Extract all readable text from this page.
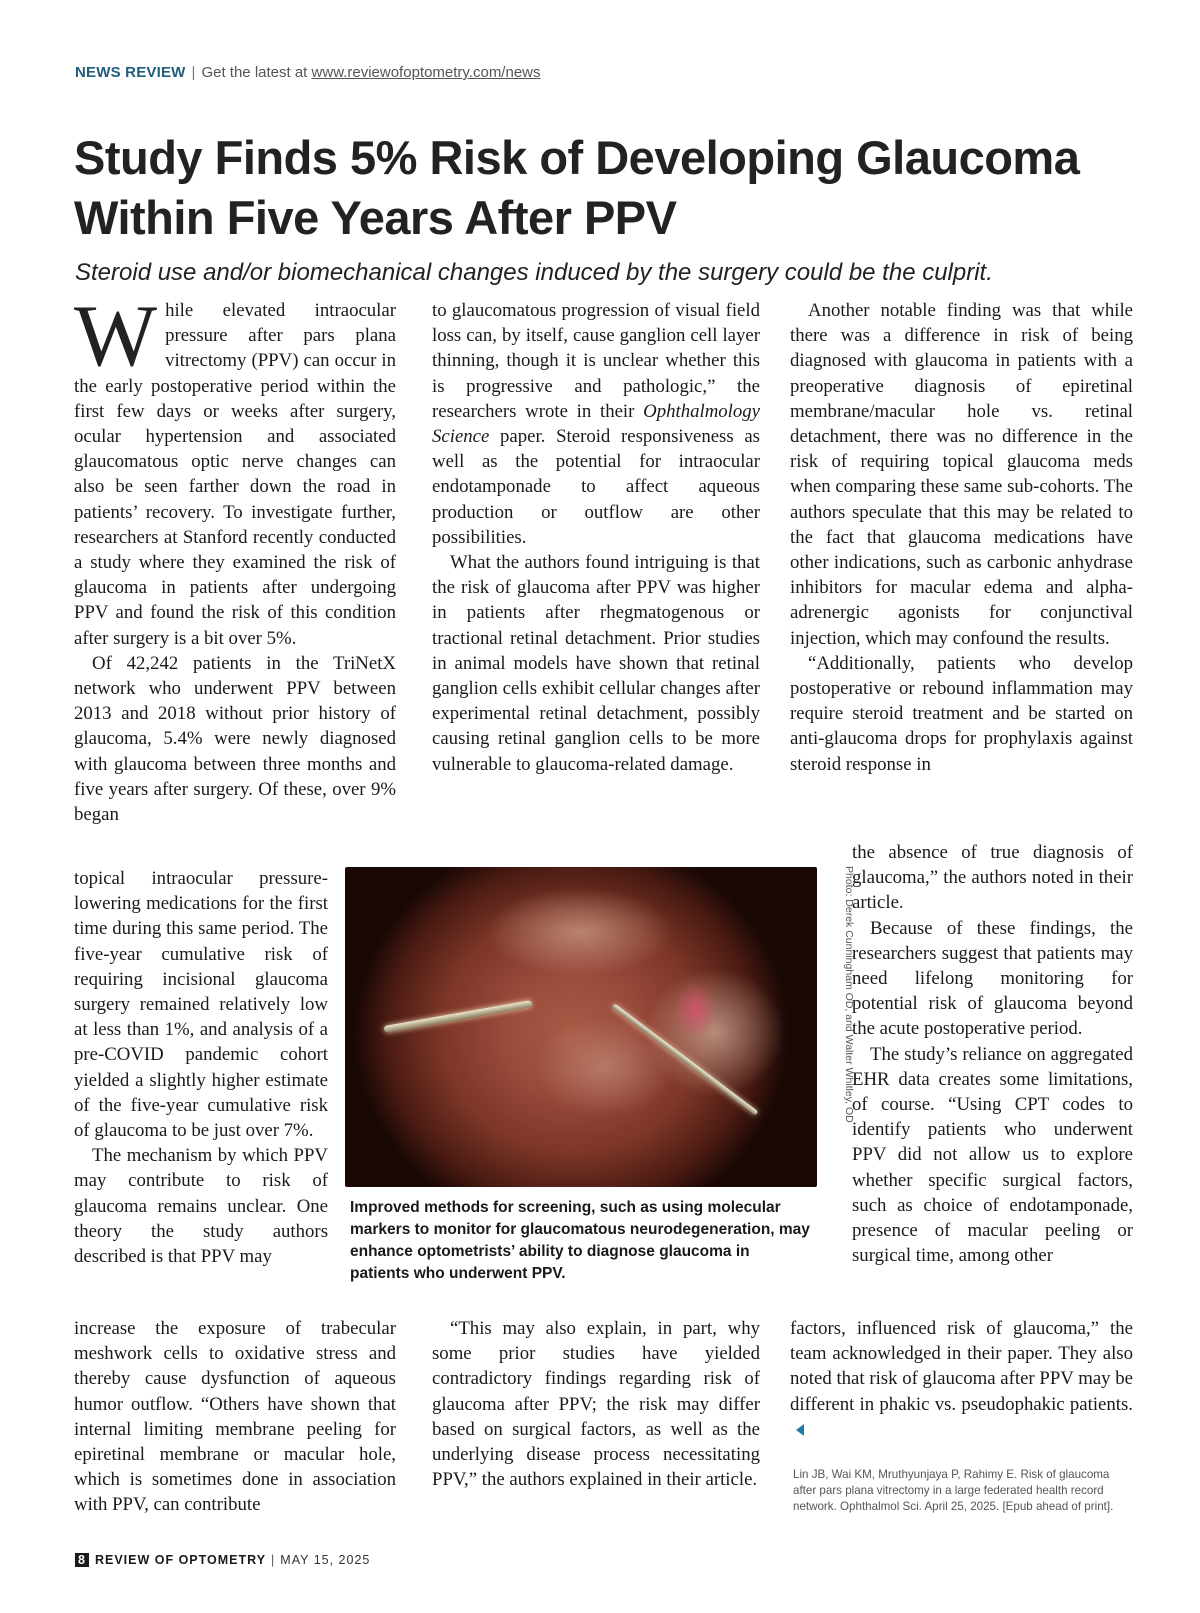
NEWS REVIEW | Get the latest at www.reviewofoptometry.com/news
Study Finds 5% Risk of Developing Glaucoma Within Five Years After PPV

Steroid use and/or biomechanical changes induced by the surgery could be the culprit.

While elevated intraocular pressure after pars plana vitrectomy (PPV) can occur in the early postoperative period within the first few days or weeks after surgery, ocular hypertension and associated glaucomatous optic nerve changes can also be seen farther down the road in patients’ recovery. To investigate further, researchers at Stanford recently conducted a study where they examined the risk of glaucoma in patients after undergoing PPV and found the risk of this condition after surgery is a bit over 5%.

Of 42,242 patients in the TriNetX network who underwent PPV between 2013 and 2018 without prior history of glaucoma, 5.4% were newly diagnosed with glaucoma between three months and five years after surgery. Of these, over 9% began

topical intraocular pressure-lowering medications for the first time during this same period. The five-year cumulative risk of requiring incisional glaucoma surgery remained relatively low at less than 1%, and analysis of a pre-COVID pandemic cohort yielded a slightly higher estimate of the five-year cumulative risk of glaucoma to be just over 7%.

The mechanism by which PPV may contribute to risk of glaucoma remains unclear. One theory the study authors described is that PPV may

increase the exposure of trabecular meshwork cells to oxidative stress and thereby cause dysfunction of aqueous humor outflow. “Others have shown that internal limiting membrane peeling for epiretinal membrane or macular hole, which is sometimes done in association with PPV, can contribute

to glaucomatous progression of visual field loss can, by itself, cause ganglion cell layer thinning, though it is unclear whether this is progressive and pathologic,” the researchers wrote in their Ophthalmology Science paper. Steroid responsiveness as well as the potential for intraocular endotamponade to affect aqueous production or outflow are other possibilities.

What the authors found intriguing is that the risk of glaucoma after PPV was higher in patients after rhegmatogenous or tractional retinal detachment. Prior studies in animal models have shown that retinal ganglion cells exhibit cellular changes after experimental retinal detachment, possibly causing retinal ganglion cells to be more vulnerable to glaucoma-related damage.

“This may also explain, in part, why some prior studies have yielded contradictory findings regarding risk of glaucoma after PPV; the risk may differ based on surgical factors, as well as the underlying disease process necessitating PPV,” the authors explained in their article.

Another notable finding was that while there was a difference in risk of being diagnosed with glaucoma in patients with a preoperative diagnosis of epiretinal membrane/macular hole vs. retinal detachment, there was no difference in the risk of requiring topical glaucoma meds when comparing these same sub-cohorts. The authors speculate that this may be related to the fact that glaucoma medications have other indications, such as carbonic anhydrase inhibitors for macular edema and alpha-adrenergic agonists for conjunctival injection, which may confound the results.

“Additionally, patients who develop postoperative or rebound inflammation may require steroid treatment and be started on anti-glaucoma drops for prophylaxis against steroid response in

the absence of true diagnosis of glaucoma,” the authors noted in their article.

Because of these findings, the researchers suggest that patients may need lifelong monitoring for potential risk of glaucoma beyond the acute postoperative period.

The study’s reliance on aggregated EHR data creates some limitations, of course. “Using CPT codes to identify patients who underwent PPV did not allow us to explore whether specific surgical factors, such as choice of endotamponade, presence of macular peeling or surgical time, among other

factors, influenced risk of glaucoma,” the team acknowledged in their paper. They also noted that risk of glaucoma after PPV may be different in phakic vs. pseudophakic patients.

Photo: Derek Cunningham OD, and Walter Whitley, OD

Improved methods for screening, such as using molecular markers to monitor for glaucomatous neurodegeneration, may enhance optometrists’ ability to diagnose glaucoma in patients who underwent PPV.

Lin JB, Wai KM, Mruthyunjaya P, Rahimy E. Risk of glaucoma after pars plana vitrectomy in a large federated health record network. Ophthalmol Sci. April 25, 2025. [Epub ahead of print].

8 REVIEW OF OPTOMETRY | MAY 15, 2025
